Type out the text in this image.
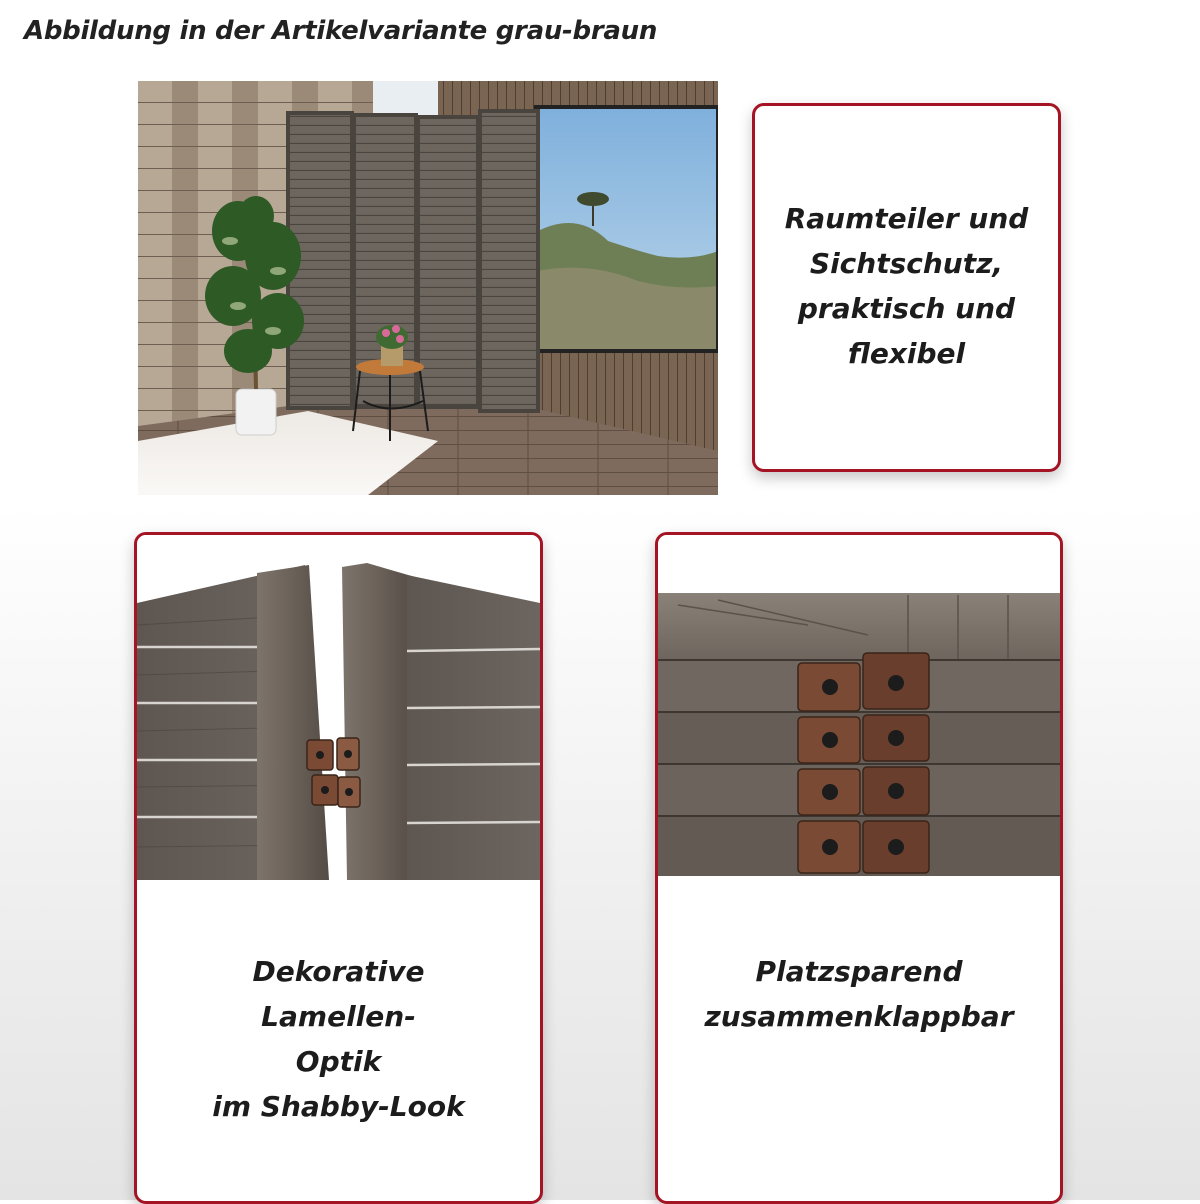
Abbildung in der Artikelvariante grau-braun
Raumteiler und
Sichtschutz,
praktisch und
flexibel
Dekorative
Lamellen-
Optik
im Shabby-Look
Platzsparend
zusammenklappbar
